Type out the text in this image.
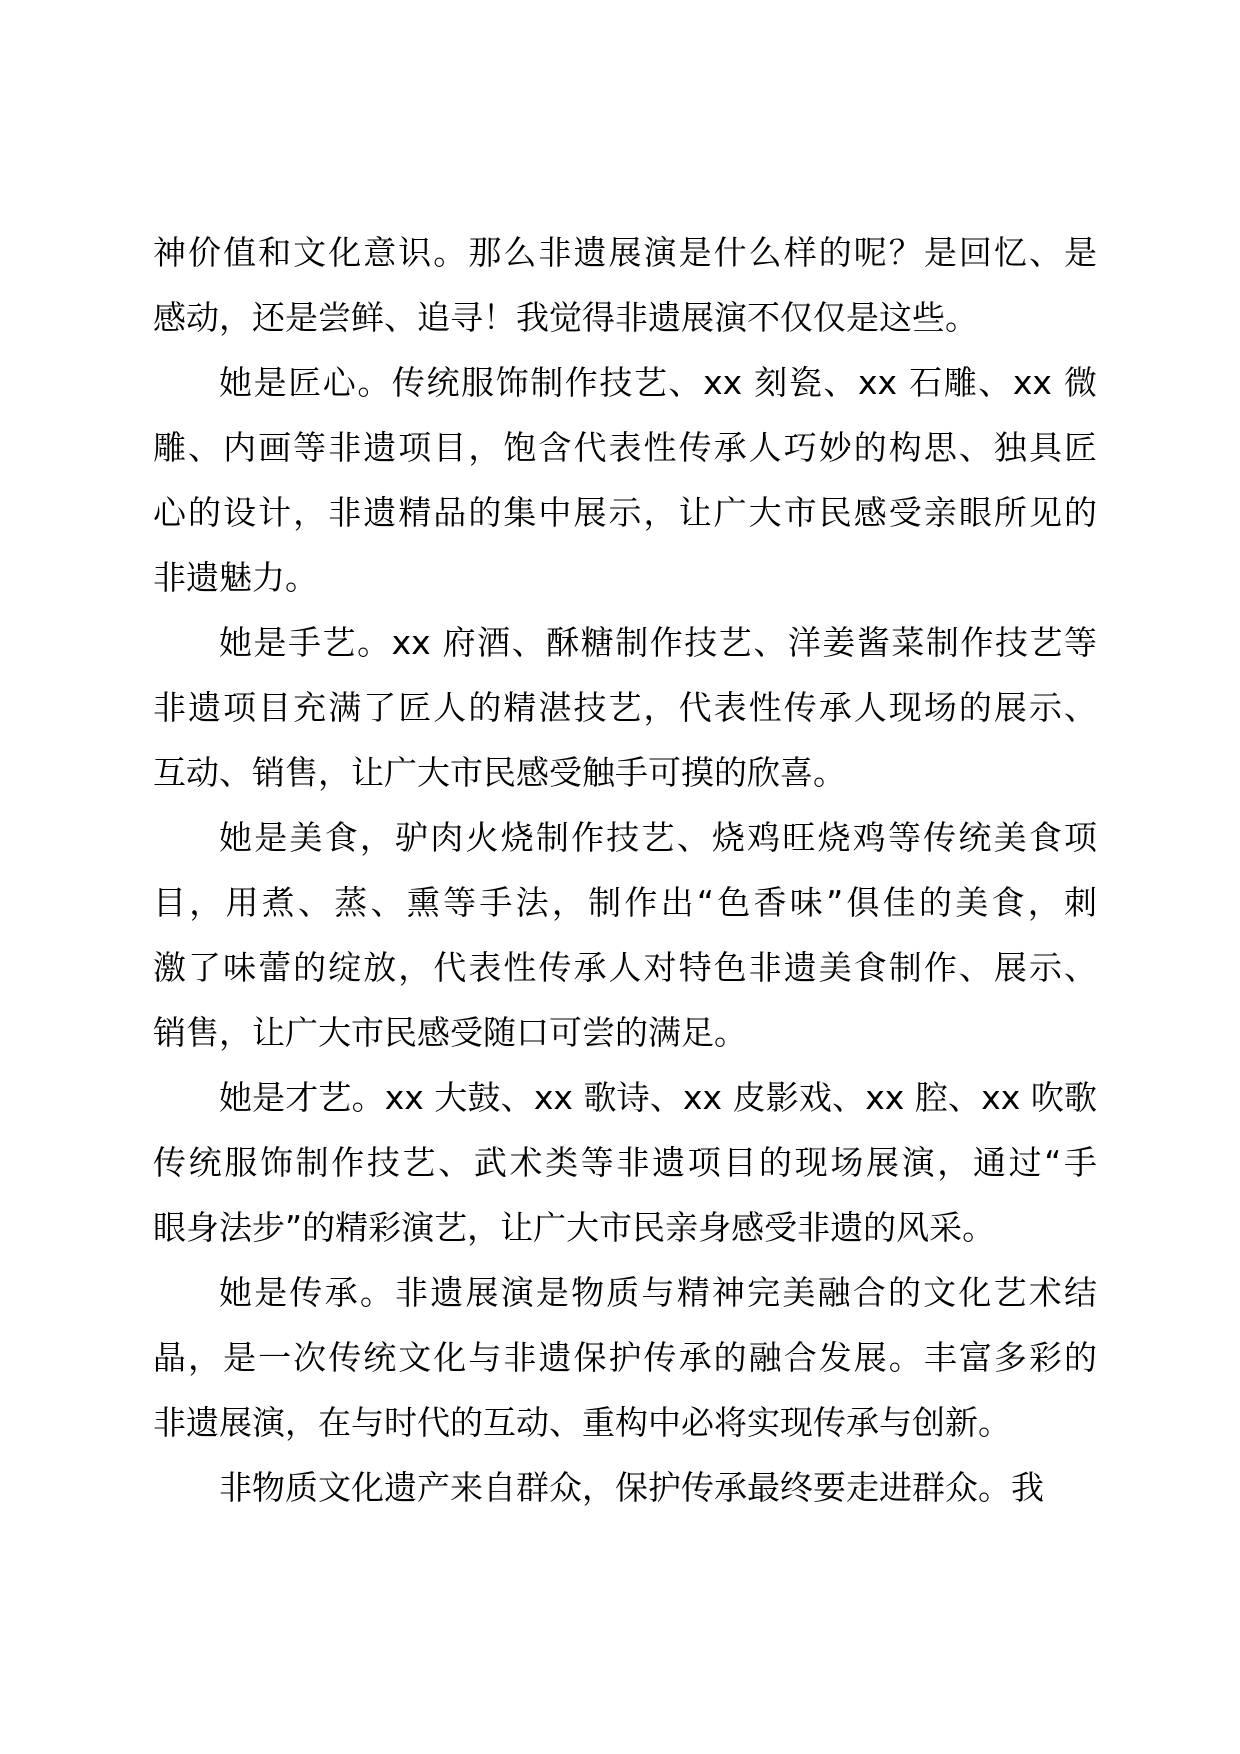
神价值和文化意识。那么非遗展演是什么样的呢？是回忆、是
感动，还是尝鲜、追寻！我觉得非遗展演不仅仅是这些。

她是匠心。传统服饰制作技艺、xx 刻瓷、xx 石雕、xx 微
雕、内画等非遗项目，饱含代表性传承人巧妙的构思、独具匠
心的设计，非遗精品的集中展示，让广大市民感受亲眼所见的
非遗魅力。

她是手艺。xx 府酒、酥糖制作技艺、洋姜酱菜制作技艺等
非遗项目充满了匠人的精湛技艺，代表性传承人现场的展示、
互动、销售，让广大市民感受触手可摸的欣喜。

她是美食，驴肉火烧制作技艺、烧鸡旺烧鸡等传统美食项
目，用煮、蒸、熏等手法，制作出“色香味”俱佳的美食，刺
激了味蕾的绽放，代表性传承人对特色非遗美食制作、展示、
销售，让广大市民感受随口可尝的满足。

她是才艺。xx 大鼓、xx 歌诗、xx 皮影戏、xx 腔、xx 吹歌
传统服饰制作技艺、武术类等非遗项目的现场展演，通过“手
眼身法步”的精彩演艺，让广大市民亲身感受非遗的风采。

她是传承。非遗展演是物质与精神完美融合的文化艺术结
晶，是一次传统文化与非遗保护传承的融合发展。丰富多彩的
非遗展演，在与时代的互动、重构中必将实现传承与创新。

非物质文化遗产来自群众，保护传承最终要走进群众。我
